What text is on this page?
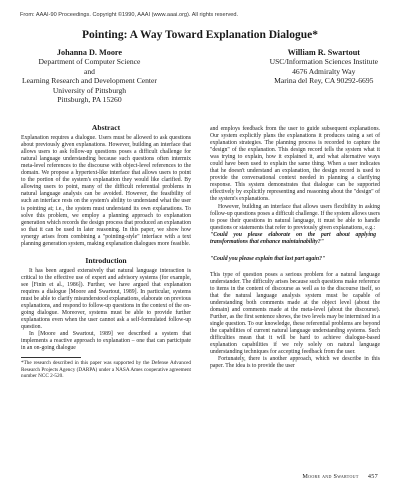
From: AAAI-90 Proceedings. Copyright ©1990, AAAI (www.aaai.org). All rights reserved.
Pointing: A Way Toward Explanation Dialogue*
Johanna D. Moore
Department of Computer Science
and
Learning Research and Development Center
University of Pittsburgh
Pittsburgh, PA 15260
William R. Swartout
USC/Information Sciences Institute
4676 Admiralty Way
Marina del Rey, CA 90292-6695
Abstract

Explanation requires a dialogue. Users must be allowed to ask questions about previously given explanations. However, building an interface that allows users to ask follow-up questions poses a difficult challenge for natural language understanding because such questions often intermix meta-level references to the discourse with object-level references to the domain. We propose a hypertext-like interface that allows users to point to the portion of the system's explanation they would like clarified. By allowing users to point, many of the difficult referential problems in natural language analysis can be avoided. However, the feasibility of such an interface rests on the system's ability to understand what the user is pointing at; i.e., the system must understand its own explanations. To solve this problem, we employ a planning approach to explanation generation which records the design process that produced an explanation so that it can be used in later reasoning. In this paper, we show how synergy arises from combining a "pointing-style" interface with a text planning generation system, making explanation dialogues more feasible.

Introduction

It has been argued extensively that natural language interaction is critical to the effective use of expert and advisory systems (for example, see [Finin et al., 1986]). Further, we have argued that explanation requires a dialogue [Moore and Swartout, 1989]. In particular, systems must be able to clarify misunderstood explanations, elaborate on previous explanations, and respond to follow-up questions in the context of the on-going dialogue. Moreover, systems must be able to provide further explanations even when the user cannot ask a self-formulated follow-up question.

In [Moore and Swartout, 1989] we described a system that implements a reactive approach to explanation – one that can participate in an on-going dialogue

*The research described in this paper was supported by the Defense Advanced Research Projects Agency (DARPA) under a NASA Ames cooperative agreement number NCC 2-520.

and employs feedback from the user to guide subsequent explanations. Our system explicitly plans the explanations it produces using a set of explanation strategies. The planning process is recorded to capture the "design" of the explanation. This design record tells the system what it was trying to explain, how it explained it, and what alternative ways could have been used to explain the same thing. When a user indicates that he doesn't understand an explanation, the design record is used to provide the conversational context needed in planning a clarifying response. This system demonstrates that dialogue can be supported effectively by explicitly representing and reasoning about the "design" of the system's explanations.

However, building an interface that allows users flexibility in asking follow-up questions poses a difficult challenge. If the system allows users to pose their questions in natural language, it must be able to handle questions or statements that refer to previously given explanations, e.g.:

"Could you please elaborate on the part about applying transformations that enhance maintainability?"

"Could you please explain that last part again?"

This type of question poses a serious problem for a natural language understander. The difficulty arises because such questions make reference to items in the content of discourse as well as to the discourse itself, so that the natural language analysis system must be capable of understanding both comments made at the object level (about the domain) and comments made at the meta-level (about the discourse). Further, as the first sentence shows, the two levels may be intermixed in a single question. To our knowledge, these referential problems are beyond the capabilities of current natural language understanding systems. Such difficulties mean that it will be hard to achieve dialogue-based explanation capabilities if we rely solely on natural language understanding techniques for accepting feedback from the user.

Fortunately, there is another approach, which we describe in this paper. The idea is to provide the user

Moore and Swartout 457
